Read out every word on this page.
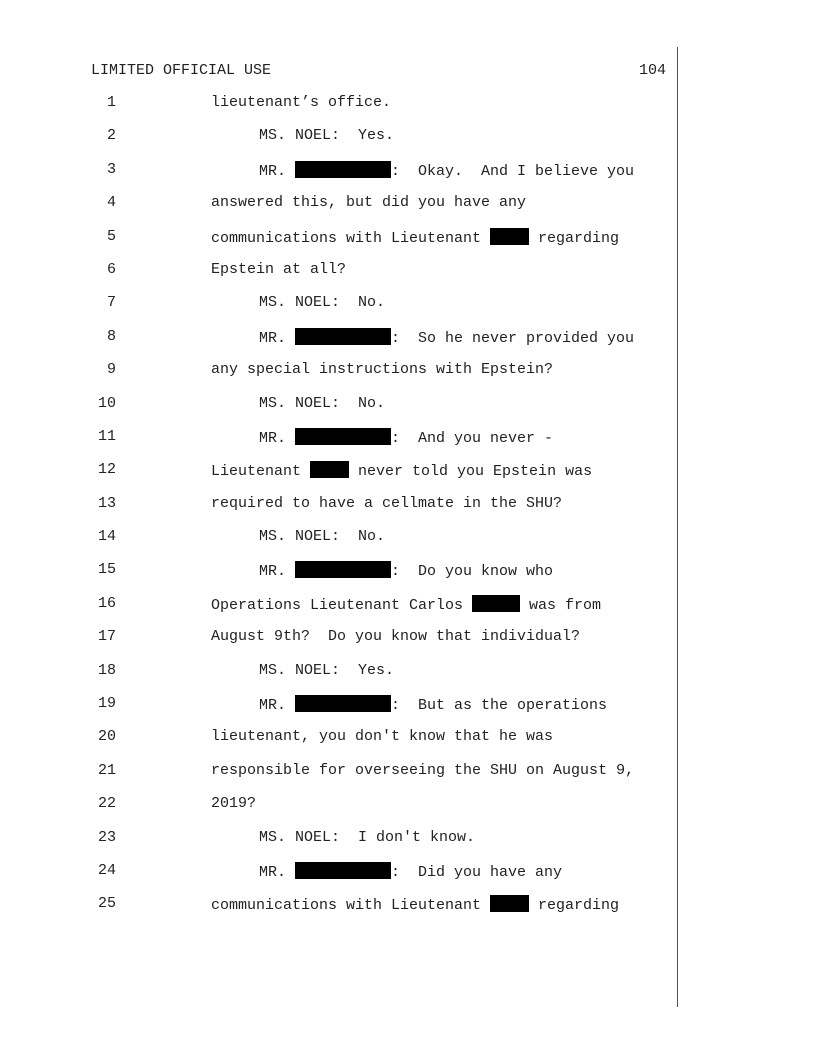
LIMITED OFFICIAL USE	104
1	lieutenant’s office.
2	MS. NOEL:  Yes.
3	MR.	:  Okay.  And I believe you
4	answered this, but did you have any
5	communications with Lieutenant	regarding
6	Epstein at all?
7	MS. NOEL:  No.
8	MR.	:  So he never provided you
9	any special instructions with Epstein?
10	MS. NOEL:  No.
11	MR.	:  And you never -
12	Lieutenant	never told you Epstein was
13	required to have a cellmate in the SHU?
14	MS. NOEL:  No.
15	MR.	:  Do you know who
16	Operations Lieutenant Carlos	was from
17	August 9th?  Do you know that individual?
18	MS. NOEL:  Yes.
19	MR.	:  But as the operations
20	lieutenant, you don't know that he was
21	responsible for overseeing the SHU on August 9,
22	2019?
23	MS. NOEL:  I don't know.
24	MR.	:  Did you have any
25	communications with Lieutenant	regarding
